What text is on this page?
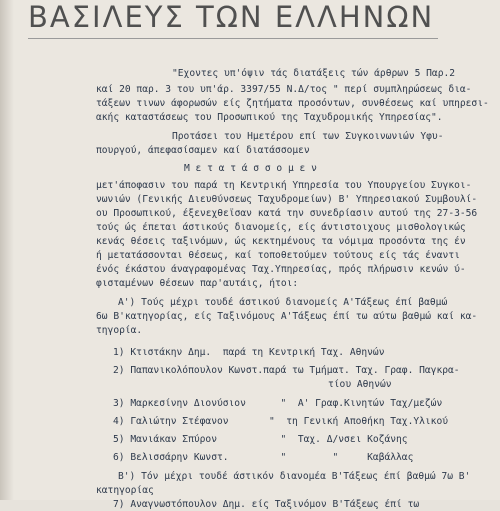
ΒΑΣΙΛΕΥΣ ΤΩΝ ΕΛΛΗΝΩΝ
"Εχοντες υπ'όψιν τάς διατάξεις τών άρθρων 5 Παρ.2
καί 20 παρ. 3 του υπ'άρ. 3397/55 Ν.Δ/τος " περί συμπληρώσεως δια-
τάξεων τινων άφορωσών είς ζητήματα προσόντων, συνθέσεως καί υπηρεσι-
ακής καταστάσεως του Προσωπικού της Ταχυδρομικής Υπηρεσίας".
Προτάσει του Ημετέρου επί των Συγκοινωνιών Υφυ-
πουργού, άπεφασίσαμεν καί διατάσσομεν
Μ ε τ α τ ά σ σ ο μ ε ν
μετ'άποφασιν του παρά τη Κεντρική Υπηρεσία του Υπουργείου Συγκοι-
νωνιών (Γενικής Διευθύνσεως Ταχυδρομείων) Β' Υπηρεσιακού Συμβουλί-
ου Προσωπικού, έξενεχθεϊσαν κατά την συνεδρίασιν αυτού της 27-3-56
τούς ώς έπεται άστικούς διανομείς, είς άντιστοιχους μισθολογικώς
κενάς θέσεις ταξινόμων, ώς κεκτημένους τα νόμιμα προσόντα της έν
ή μετατάσσονται θέσεως, καί τοποθετούμεν τούτους είς τάς έναντι
ένός έκάστου άναγραφομένας Ταχ.Υπηρεσίας, πρός πλήρωσιν κενών ύ-
φισταμένων θέσεων παρ'αυτάις, ήτοι:
Α') Τούς μέχρι τουδέ άστικού διανομείς Α'Τάξεως έπί βαθμώ
6ω Β'κατηγορίας, είς Ταξινόμους Α'Τάξεως έπί τω αύτω βαθμώ καί κα-
τηγορία.
1) Κτιστάκην Δημ.  παρά τη Κεντρική Ταχ. Αθηνών
2) Παπανικολόπουλον Κωνστ.παρά τω Τμήματ. Ταχ. Γραφ. Παγκρα-
τίου Αθηνών
3) Μαρκεσίνην Διονύσιον      "  Α' Γραφ.Κινητών Ταχ/μεζών
4) Γαλιώτην Στέφανον       "  τη Γενική Αποθήκη Ταχ.Υλικού
5) Μανιάκαν Σπύρον           "  Ταχ. Δ/νσει Κοζάνης
6) Βελισσάρην Κωνστ.         "        "     Καβάλλας
Β') Τόν μέχρι τουδέ άστικόν διανομέα Β'Τάξεως έπί βαθμώ 7ω Β'
κατηγορίας
7) Αναγνωστόπουλον Δημ. είς Ταξινόμον Β'Τάξεως έπί τω
